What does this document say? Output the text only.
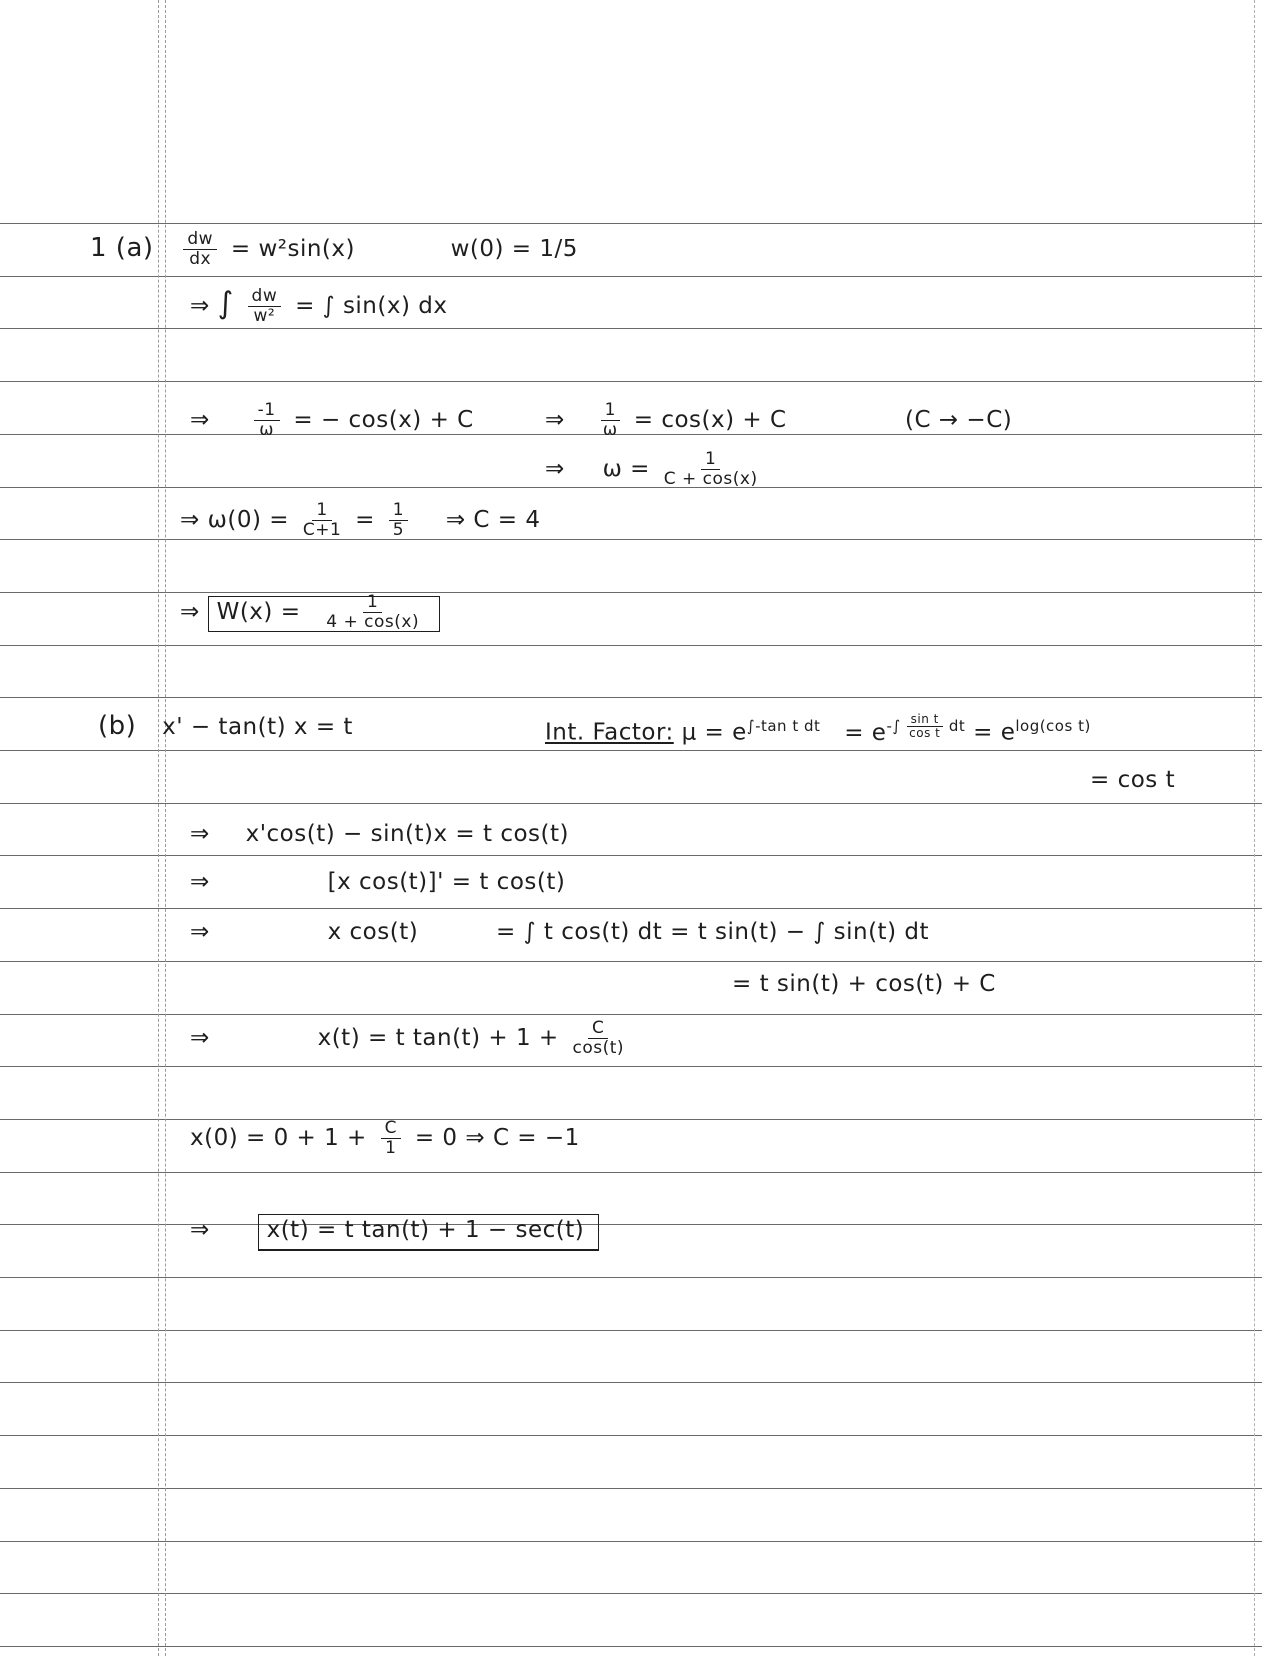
1 $(a) \frac{dw}{dx} = w^2\sin(x)$	w(0) = 1/5
⇒ ∫ $\frac{dw}{\text{w²}}$ = ∫ sin(x) dx
⇒	$\frac{-1}{\omega}$ = − cos(x) + C	⇒ $\frac{1}{\omega} = \cos(x) + C$	(C → −C)
⇒ $\omega = \frac{1}{C + \cos(x)}$
⇒ $\omega(0) = \frac{1}{C+1} = \frac{1}{5}$ ⇒ C = 4
⇒ $W(x) = \frac{1}{4 + \cos(x)}$
(b) x' − tan(t) x = t	Int. Factor: $\mu = e^{\int-tan t dt} = e^{-\int \frac{\text{sin t}}{\text{cos t}} dt} = e^{log(cos t)}$
= cos t
⇒ x'cos(t) − sin(t)x = t cos(t)
⇒	[x cos(t)]' = t cos(t)
⇒	x cos(t)	= ∫ t cos(t) dt = t sin(t) − ∫ sin(t) dt
= t sin(t) + cos(t) + C
⇒	x(t) = t $\tan(t) + 1 + \frac{C}{\cos(t)}$
$x(0) = 0 + 1 + \frac{C}{1} = 0$ ⇒ C = −1
⇒ x(t) = t tan(t) + 1 − sec(t)
